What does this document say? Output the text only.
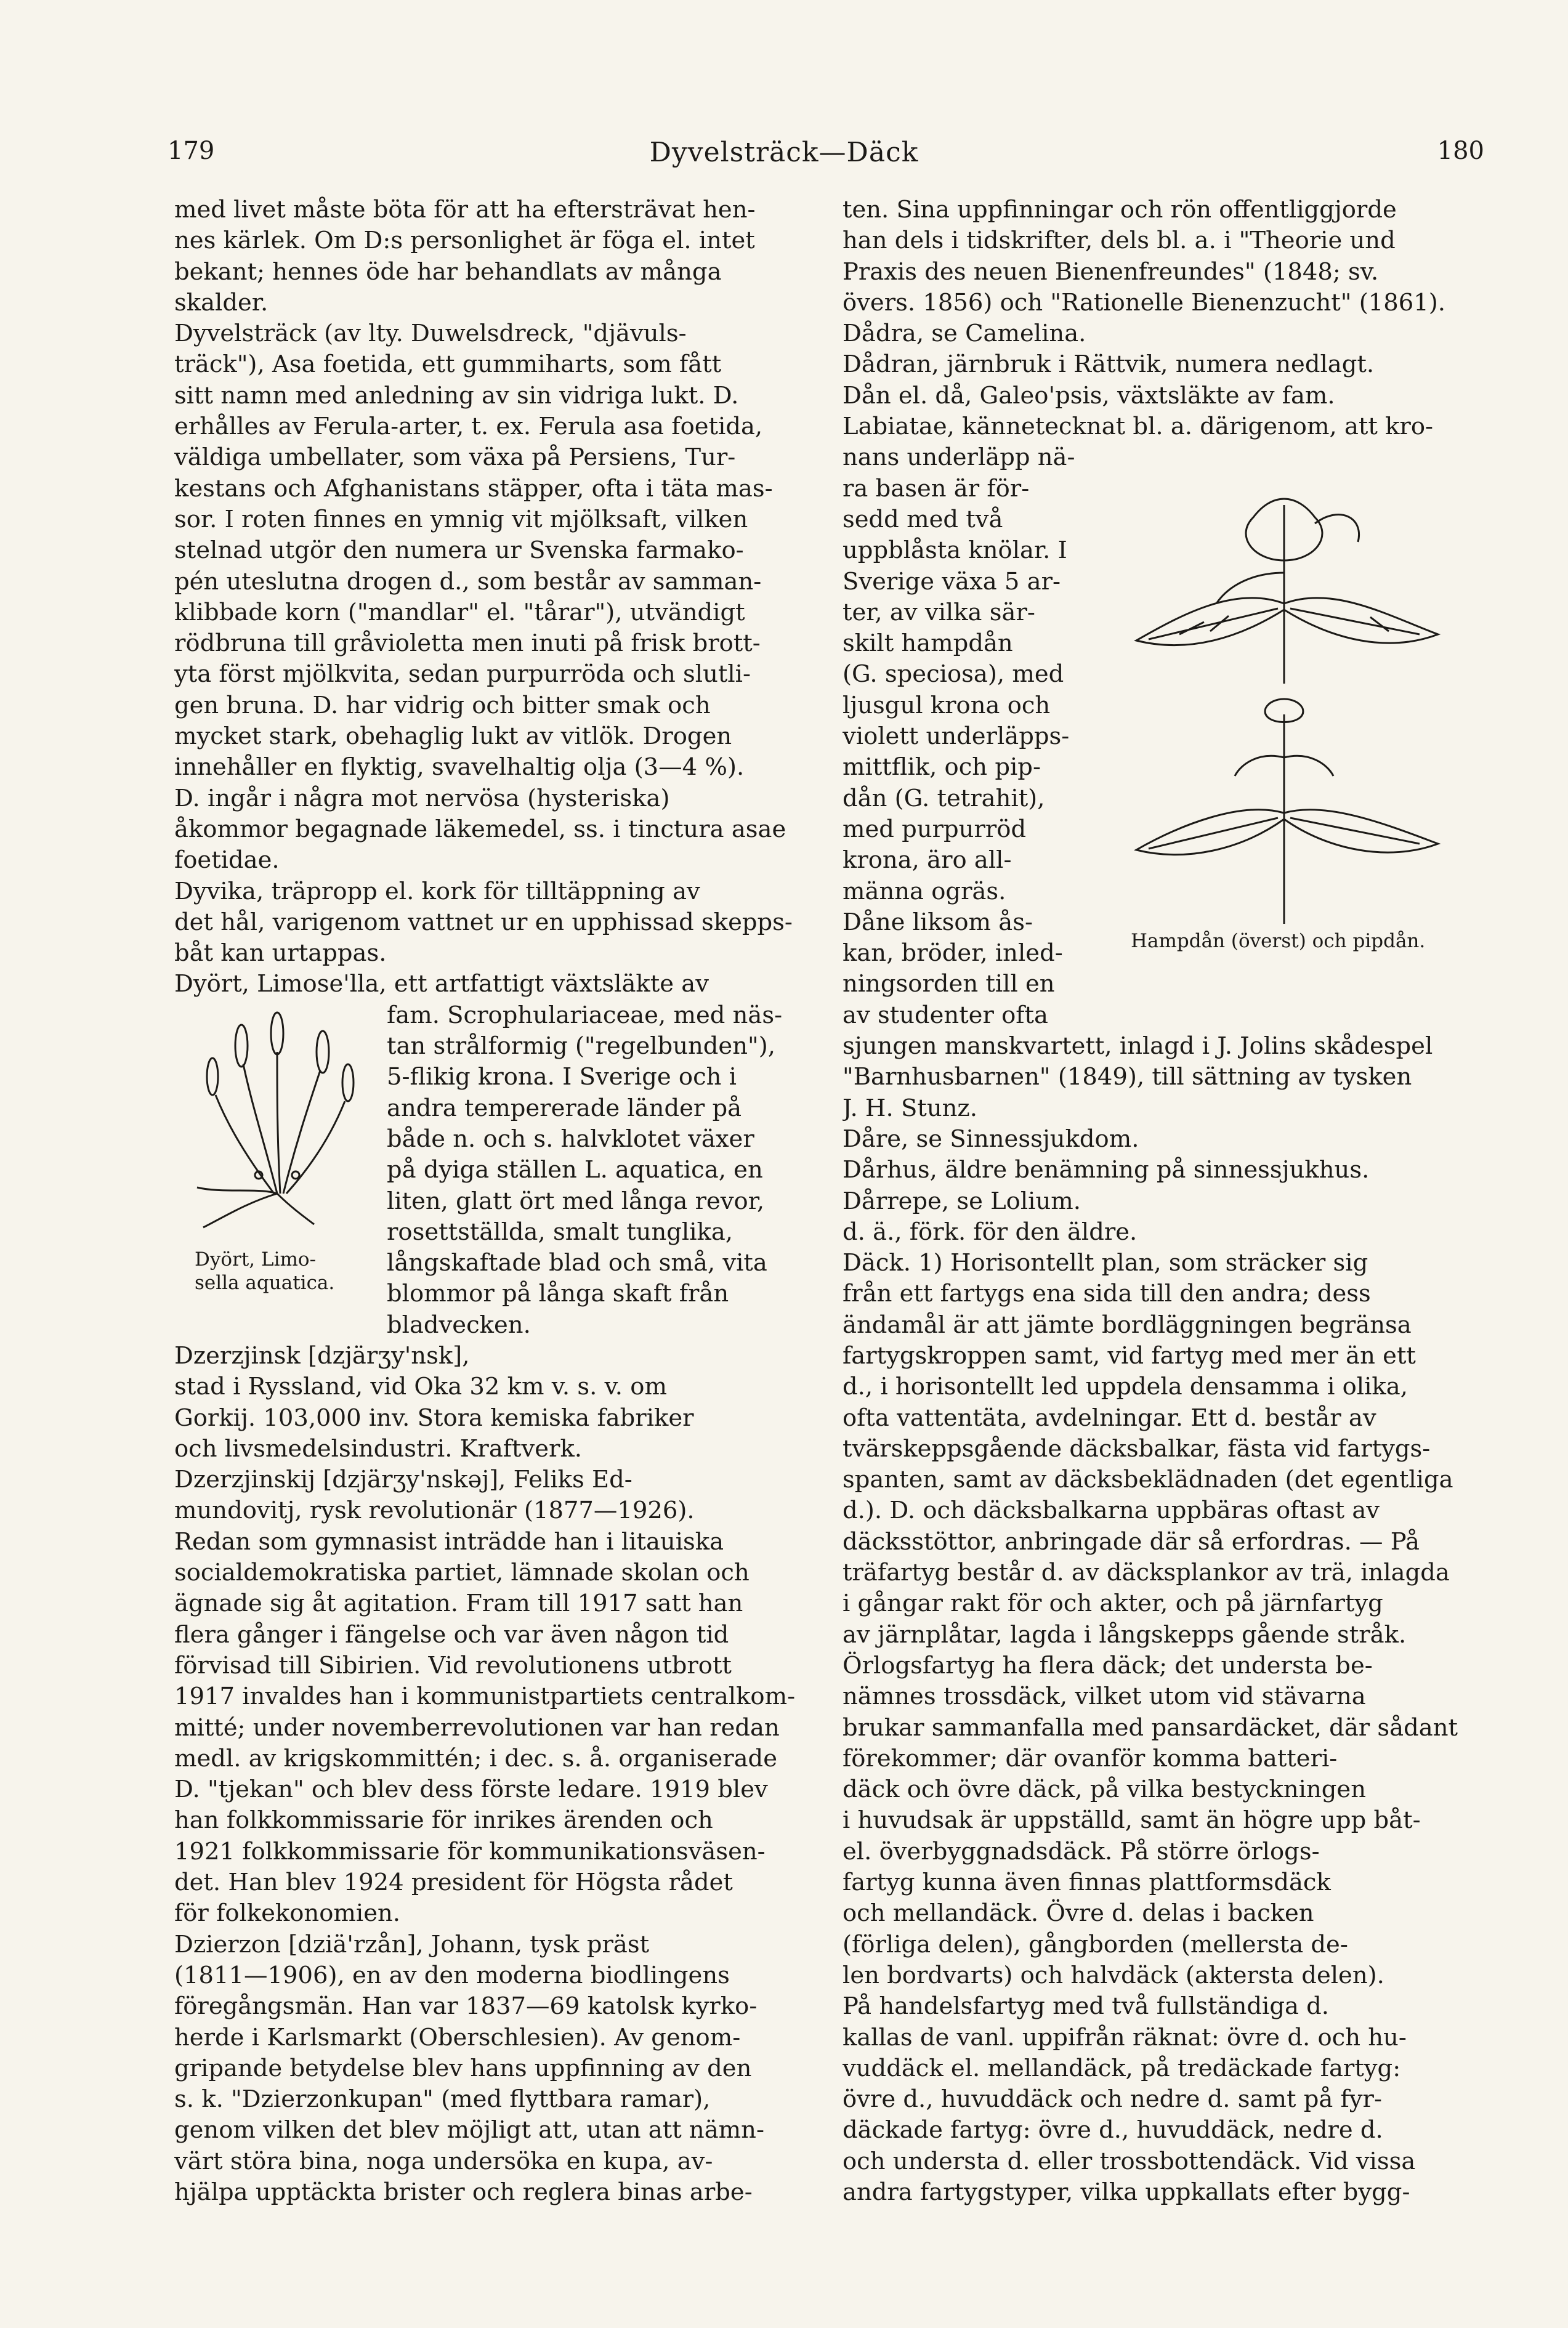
179	Dyvelsträck—Däck	180
med livet måste böta för att ha eftersträvat hen-
nes kärlek. Om D:s personlighet är föga el. intet
bekant; hennes öde har behandlats av många
skalder.
Dyvelsträck (av lty. Duwelsdreck, "djävuls-
träck"), Asa foetida, ett gummiharts, som fått
sitt namn med anledning av sin vidriga lukt. D.
erhålles av Ferula-arter, t. ex. Ferula asa foetida,
väldiga umbellater, som växa på Persiens, Tur-
kestans och Afghanistans stäpper, ofta i täta mas-
sor. I roten finnes en ymnig vit mjölksaft, vilken
stelnad utgör den numera ur Svenska farmako-
pén uteslutna drogen d., som består av samman-
klibbade korn ("mandlar" el. "tårar"), utvändigt
rödbruna till gråvioletta men inuti på frisk brott-
yta först mjölkvita, sedan purpurröda och slutli-
gen bruna. D. har vidrig och bitter smak och
mycket stark, obehaglig lukt av vitlök. Drogen
innehåller en flyktig, svavelhaltig olja (3—4 %).
D. ingår i några mot nervösa (hysteriska)
åkommor begagnade läkemedel, ss. i tinctura asae
foetidae.
Dyvika, träpropp el. kork för tilltäppning av
det hål, varigenom vattnet ur en upphissad skepps-
båt kan urtappas.
Dyört, Limose'lla, ett artfattigt växtsläkte av
fam. Scrophulariaceae, med näs-
tan strålformig ("regelbunden"),
5-flikig krona. I Sverige och i
andra tempererade länder på
både n. och s. halvklotet växer
på dyiga ställen L. aquatica, en
liten, glatt ört med långa revor,
rosettställda, smalt tunglika,
långskaftade blad och små, vita
blommor på långa skaft från
bladvecken.
Dzerzjinsk [dzjärʒy'nsk],
stad i Ryssland, vid Oka 32 km v. s. v. om
Gorkij. 103,000 inv. Stora kemiska fabriker
och livsmedelsindustri. Kraftverk.
Dzerzjinskij [dzjärʒy'nskəj], Feliks Ed-
mundovitj, rysk revolutionär (1877—1926).
Redan som gymnasist inträdde han i litauiska
socialdemokratiska partiet, lämnade skolan och
ägnade sig åt agitation. Fram till 1917 satt han
flera gånger i fängelse och var även någon tid
förvisad till Sibirien. Vid revolutionens utbrott
1917 invaldes han i kommunistpartiets centralkom-
mitté; under novemberrevolutionen var han redan
medl. av krigskommittén; i dec. s. å. organiserade
D. "tjekan" och blev dess förste ledare. 1919 blev
han folkkommissarie för inrikes ärenden och
1921 folkkommissarie för kommunikationsväsen-
det. Han blev 1924 president för Högsta rådet
för folkekonomien.
Dzierzon [dziä'rzån], Johann, tysk präst
(1811—1906), en av den moderna biodlingens
föregångsmän. Han var 1837—69 katolsk kyrko-
herde i Karlsmarkt (Oberschlesien). Av genom-
gripande betydelse blev hans uppfinning av den
s. k. "Dzierzonkupan" (med flyttbara ramar),
genom vilken det blev möjligt att, utan att nämn-
värt störa bina, noga undersöka en kupa, av-
hjälpa upptäckta brister och reglera binas arbe-
ten. Sina uppfinningar och rön offentliggjorde
han dels i tidskrifter, dels bl. a. i "Theorie und
Praxis des neuen Bienenfreundes" (1848; sv.
övers. 1856) och "Rationelle Bienenzucht" (1861).
Dådra, se Camelina.
Dådran, järnbruk i Rättvik, numera nedlagt.
Dån el. då, Galeo'psis, växtsläkte av fam.
Labiatae, kännetecknat bl. a. därigenom, att kro-
nans underläpp nä-
ra basen är för-
sedd med två
uppblåsta knölar. I
Sverige växa 5 ar-
ter, av vilka sär-
skilt hampdån
(G. speciosa), med
ljusgul krona och
violett underläpps-
mittflik, och pip-
dån (G. tetrahit),
med purpurröd
krona, äro all-
männa ogräs.
Dåne liksom ås-
kan, bröder, inled-
ningsorden till en
av studenter ofta
sjungen manskvartett, inlagd i J. Jolins skådespel
"Barnhusbarnen" (1849), till sättning av tysken
J. H. Stunz.
Dåre, se Sinnessjukdom.
Dårhus, äldre benämning på sinnessjukhus.
Dårrepe, se Lolium.
d. ä., förk. för den äldre.
Däck. 1) Horisontellt plan, som sträcker sig
från ett fartygs ena sida till den andra; dess
ändamål är att jämte bordläggningen begränsa
fartygskroppen samt, vid fartyg med mer än ett
d., i horisontellt led uppdela densamma i olika,
ofta vattentäta, avdelningar. Ett d. består av
tvärskeppsgående däcksbalkar, fästa vid fartygs-
spanten, samt av däcksbeklädnaden (det egentliga
d.). D. och däcksbalkarna uppbäras oftast av
däcksstöttor, anbringade där så erfordras. — På
träfartyg består d. av däcksplankor av trä, inlagda
i gångar rakt för och akter, och på järnfartyg
av järnplåtar, lagda i långskepps gående stråk.
Örlogsfartyg ha flera däck; det understa be-
nämnes trossdäck, vilket utom vid stävarna
brukar sammanfalla med pansardäcket, där sådant
förekommer; där ovanför komma batteri-
däck och övre däck, på vilka bestyckningen
i huvudsak är uppställd, samt än högre upp båt-
el. överbyggnadsdäck. På större örlogs-
fartyg kunna även finnas plattformsdäck
och mellandäck. Övre d. delas i backen
(förliga delen), gångborden (mellersta de-
len bordvarts) och halvdäck (aktersta delen).
På handelsfartyg med två fullständiga d.
kallas de vanl. uppifrån räknat: övre d. och hu-
vuddäck el. mellandäck, på tredäckade fartyg:
övre d., huvuddäck och nedre d. samt på fyr-
däckade fartyg: övre d., huvuddäck, nedre d.
och understa d. eller trossbottendäck. Vid vissa
andra fartygstyper, vilka uppkallats efter bygg-
Dyört, Limo-
sella aquatica.
Hampdån (överst) och pipdån.
